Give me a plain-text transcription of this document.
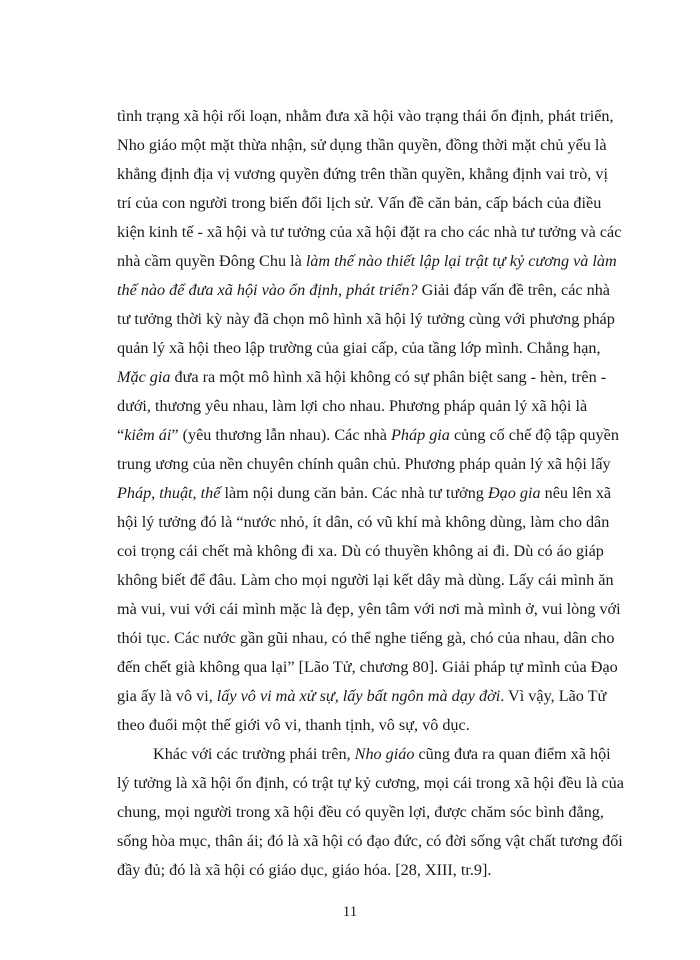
tình trạng xã hội rối loạn, nhằm đưa xã hội vào trạng thái ổn định, phát triển,
Nho giáo một mặt thừa nhận, sử dụng thần quyền, đồng thời mặt chủ yếu là
khẳng định địa vị vương quyền đứng trên thần quyền, khẳng định vai trò, vị
trí của con người trong biến đổi lịch sử. Vấn đề căn bản, cấp bách của điều
kiện kinh tế - xã hội và tư tưởng của xã hội đặt ra cho các nhà tư tưởng và các
nhà cầm quyền Đông Chu là làm thế nào thiết lập lại trật tự kỷ cương và làm
thế nào để đưa xã hội vào ổn định, phát triển? Giải đáp vấn đề trên, các nhà
tư tưởng thời kỳ này đã chọn mô hình xã hội lý tưởng cùng với phương pháp
quản lý xã hội theo lập trường của giai cấp, của tầng lớp mình. Chẳng hạn,
Mặc gia đưa ra một mô hình xã hội không có sự phân biệt sang - hèn, trên -
dưới, thương yêu nhau, làm lợi cho nhau. Phương pháp quản lý xã hội là
“kiêm ái” (yêu thương lẫn nhau). Các nhà Pháp gia củng cố chế độ tập quyền
trung ương của nền chuyên chính quân chủ. Phương pháp quản lý xã hội lấy
Pháp, thuật, thế làm nội dung căn bản. Các nhà tư tưởng Đạo gia nêu lên xã
hội lý tưởng đó là “nước nhỏ, ít dân, có vũ khí mà không dùng, làm cho dân
coi trọng cái chết mà không đi xa. Dù có thuyền không ai đi. Dù có áo giáp
không biết để đâu. Làm cho mọi người lại kết dây mà dùng. Lấy cái mình ăn
mà vui, vui với cái mình mặc là đẹp, yên tâm với nơi mà mình ở, vui lòng với
thói tục. Các nước gần gũi nhau, có thể nghe tiếng gà, chó của nhau, dân cho
đến chết già không qua lại” [Lão Tử, chương 80]. Giải pháp tự mình của Đạo
gia ấy là vô vi, lấy vô vi mà xử sự, lấy bất ngôn mà dạy đời. Vì vậy, Lão Tử
theo đuổi một thế giới vô vi, thanh tịnh, vô sự, vô dục.
Khác với các trường phái trên, Nho giáo cũng đưa ra quan điểm xã hội
lý tưởng là xã hội ổn định, có trật tự kỷ cương, mọi cái trong xã hội đều là của
chung, mọi người trong xã hội đều có quyền lợi, được chăm sóc bình đẳng,
sống hòa mục, thân ái; đó là xã hội có đạo đức, có đời sống vật chất tương đối
đầy đủ; đó là xã hội có giáo dục, giáo hóa. [28, XIII, tr.9].
11
